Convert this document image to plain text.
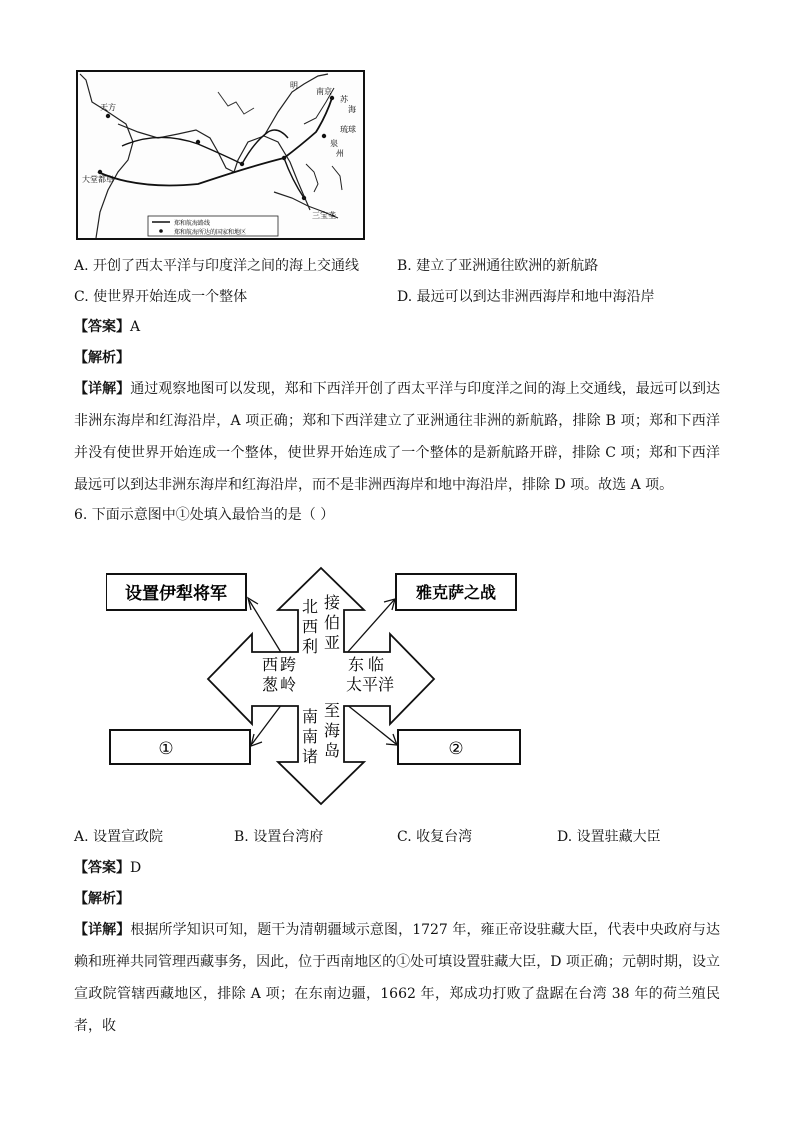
天方
大堂都卓
南京
琉球
三宝垄
泉
海
明
州
苏
郑和航海路线
郑和航海所达的国家和地区
A. 开创了西太平洋与印度洋之间的海上交通线	B. 建立了亚洲通往欧洲的新航路
C. 使世界开始连成一个整体	D. 最远可以到达非洲西海岸和地中海沿岸
【答案】A
【解析】
【详解】通过观察地图可以发现，郑和下西洋开创了西太平洋与印度洋之间的海上交通线，最远可以到达非洲东海岸和红海沿岸，A 项正确；郑和下西洋建立了亚洲通往非洲的新航路，排除 B 项；郑和下西洋并没有使世界开始连成一个整体，使世界开始连成了一个整体的是新航路开辟，排除 C 项；郑和下西洋最远可以到达非洲东海岸和红海沿岸，而不是非洲西海岸和地中海沿岸，排除 D 项。故选 A 项。
6. 下面示意图中①处填入最恰当的是（ ）
设置伊犁将军	雅克萨之战
①	②
北
西
利
接
伯
亚
西 跨
葱 岭
东 临
太平洋
南
南
诸
至
海
岛
A. 设置宣政院	B. 设置台湾府	C. 收复台湾	D. 设置驻藏大臣
【答案】D
【解析】
【详解】根据所学知识可知，题干为清朝疆域示意图，1727 年，雍正帝设驻藏大臣，代表中央政府与达赖和班禅共同管理西藏事务，因此，位于西南地区的①处可填设置驻藏大臣，D 项正确；元朝时期，设立宣政院管辖西藏地区，排除 A 项；在东南边疆，1662 年，郑成功打败了盘踞在台湾 38 年的荷兰殖民者，收
